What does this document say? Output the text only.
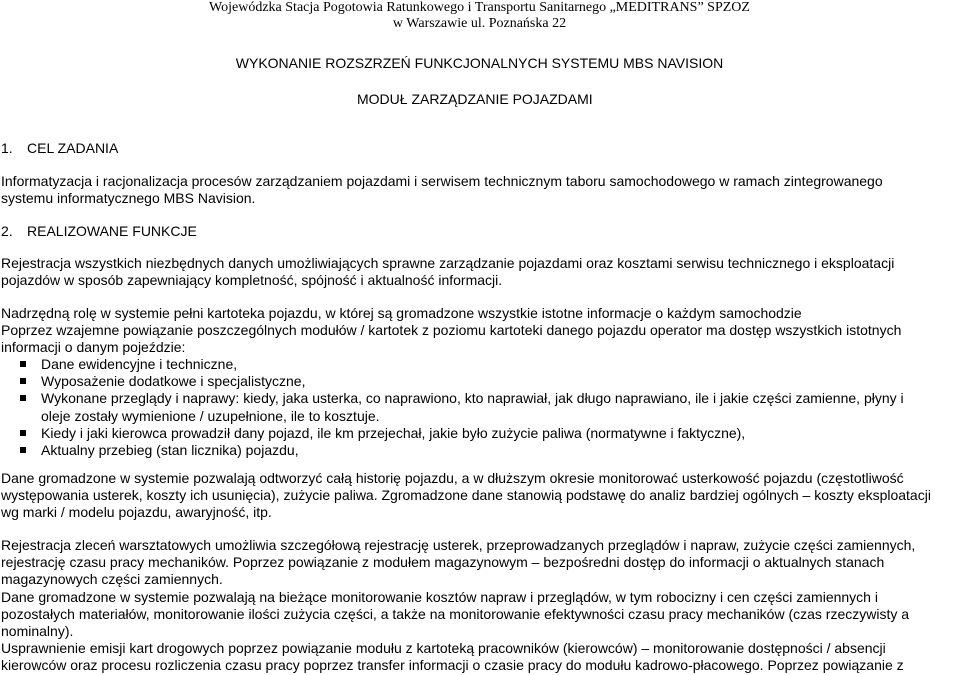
Wojewódzka Stacja Pogotowia Ratunkowego i Transportu Sanitarnego „MEDITRANS” SPZOZ
w Warszawie ul. Poznańska 22
WYKONANIE ROZSZRZEŃ FUNKCJONALNYCH SYSTEMU MBS NAVISION
MODUŁ ZARZĄDZANIE POJAZDAMI
1. CEL ZADANIA
Informatyzacja i racjonalizacja procesów zarządzaniem pojazdami i serwisem technicznym taboru samochodowego w ramach zintegrowanego
systemu informatycznego MBS Navision.
2. REALIZOWANE FUNKCJE
Rejestracja wszystkich niezbędnych danych umożliwiających sprawne zarządzanie pojazdami oraz kosztami serwisu technicznego i eksploatacji
pojazdów w sposób zapewniający kompletność, spójność i aktualność informacji.
Nadrzędną rolę w systemie pełni kartoteka pojazdu, w której są gromadzone wszystkie istotne informacje o każdym samochodzie
Poprzez wzajemne powiązanie poszczególnych modułów / kartotek z poziomu kartoteki danego pojazdu operator ma dostęp wszystkich istotnych
informacji o danym pojeździe:
Dane ewidencyjne i techniczne,
Wyposażenie dodatkowe i specjalistyczne,
Wykonane przeglądy i naprawy: kiedy, jaka usterka, co naprawiono, kto naprawiał, jak długo naprawiano, ile i jakie części zamienne, płyny i
oleje zostały wymienione / uzupełnione, ile to kosztuje.
Kiedy i jaki kierowca prowadził dany pojazd, ile km przejechał, jakie było zużycie paliwa (normatywne i faktyczne),
Aktualny przebieg (stan licznika) pojazdu,
Dane gromadzone w systemie pozwalają odtworzyć całą historię pojazdu, a w dłuższym okresie monitorować usterkowość pojazdu (częstotliwość
występowania usterek, koszty ich usunięcia), zużycie paliwa. Zgromadzone dane stanowią podstawę do analiz bardziej ogólnych – koszty eksploatacji
wg marki / modelu pojazdu, awaryjność, itp.
Rejestracja zleceń warsztatowych umożliwia szczegółową rejestrację usterek, przeprowadzanych przeglądów i napraw, zużycie części zamiennych,
rejestrację czasu pracy mechaników. Poprzez powiązanie z modułem magazynowym – bezpośredni dostęp do informacji o aktualnych stanach
magazynowych części zamiennych.
Dane gromadzone w systemie pozwalają na bieżące monitorowanie kosztów napraw i przeglądów, w tym robocizny i cen części zamiennych i
pozostałych materiałów, monitorowanie ilości zużycia części, a także na monitorowanie efektywności czasu pracy mechaników (czas rzeczywisty a
nominalny).
Usprawnienie emisji kart drogowych poprzez powiązanie modułu z kartoteką pracowników (kierowców) – monitorowanie dostępności / absencji
kierowców oraz procesu rozliczenia czasu pracy poprzez transfer informacji o czasie pracy do modułu kadrowo-płacowego. Poprzez powiązanie z
